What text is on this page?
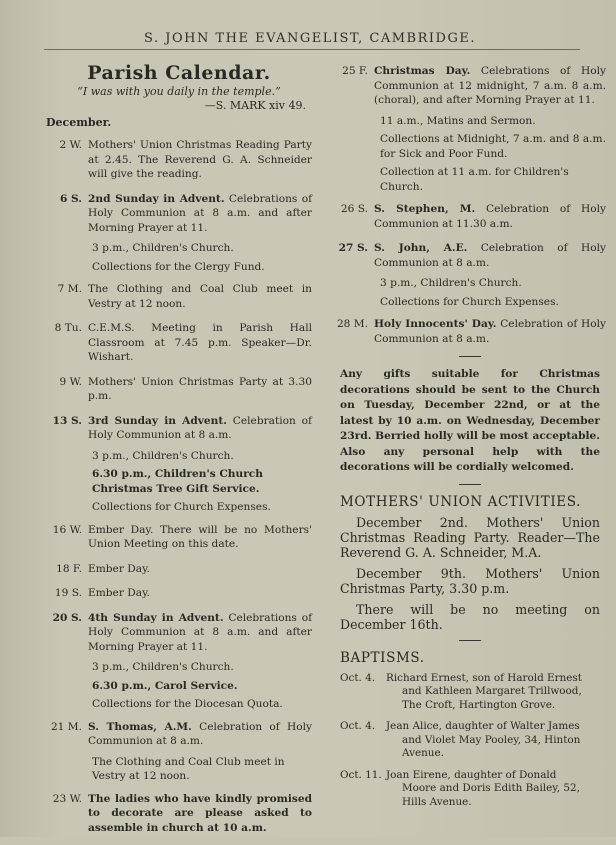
S. JOHN THE EVANGELIST, CAMBRIDGE.
Parish Calendar.
“I was with you daily in the temple.”
—S. MARK xiv 49.
December.
2 W. Mothers' Union Christmas Reading Party at 2.45. The Reverend G. A. Schneider will give the reading.
6 S. 2nd Sunday in Advent. Celebrations of Holy Communion at 8 a.m. and after Morning Prayer at 11.
3 p.m., Children's Church.
Collections for the Clergy Fund.
7 M. The Clothing and Coal Club meet in Vestry at 12 noon.
8 Tu. C.E.M.S. Meeting in Parish Hall Classroom at 7.45 p.m. Speaker—Dr. Wishart.
9 W. Mothers' Union Christmas Party at 3.30 p.m.
13 S. 3rd Sunday in Advent. Celebration of Holy Communion at 8 a.m.
3 p.m., Children's Church.
6.30 p.m., Children's Church Christmas Tree Gift Service.
Collections for Church Expenses.
16 W. Ember Day. There will be no Mothers' Union Meeting on this date.
18 F. Ember Day.
19 S. Ember Day.
20 S. 4th Sunday in Advent. Celebrations of Holy Communion at 8 a.m. and after Morning Prayer at 11.
3 p.m., Children's Church.
6.30 p.m., Carol Service.
Collections for the Diocesan Quota.
21 M. S. Thomas, A.M. Celebration of Holy Communion at 8 a.m.
The Clothing and Coal Club meet in Vestry at 12 noon.
23 W. The ladies who have kindly promised to decorate are please asked to assemble in church at 10 a.m.
25 F. Christmas Day. Celebrations of Holy Communion at 12 midnight, 7 a.m. 8 a.m. (choral), and after Morning Prayer at 11.
11 a.m., Matins and Sermon.
Collections at Midnight, 7 a.m. and 8 a.m. for Sick and Poor Fund.
Collection at 11 a.m. for Children's Church.
26 S. S. Stephen, M. Celebration of Holy Communion at 11.30 a.m.
27 S. S. John, A.E. Celebration of Holy Communion at 8 a.m.
3 p.m., Children's Church.
Collections for Church Expenses.
28 M. Holy Innocents' Day. Celebration of Holy Communion at 8 a.m.
Any gifts suitable for Christmas decorations should be sent to the Church on Tuesday, December 22nd, or at the latest by 10 a.m. on Wednesday, December 23rd. Berried holly will be most acceptable. Also any personal help with the decorations will be cordially welcomed.
MOTHERS' UNION ACTIVITIES.
December 2nd. Mothers' Union Christmas Reading Party. Reader—The Reverend G. A. Schneider, M.A.
December 9th. Mothers' Union Christmas Party, 3.30 p.m.
There will be no meeting on December 16th.
BAPTISMS.
Oct. 4.	Richard Ernest, son of Harold Ernest
and Kathleen Margaret Trillwood,
The Croft, Hartington Grove.
Oct. 4.	Jean Alice, daughter of Walter James
and Violet May Pooley, 34, Hinton
Avenue.
Oct. 11. Joan Eirene, daughter of Donald
Moore and Doris Edith Bailey, 52,
Hills Avenue.
